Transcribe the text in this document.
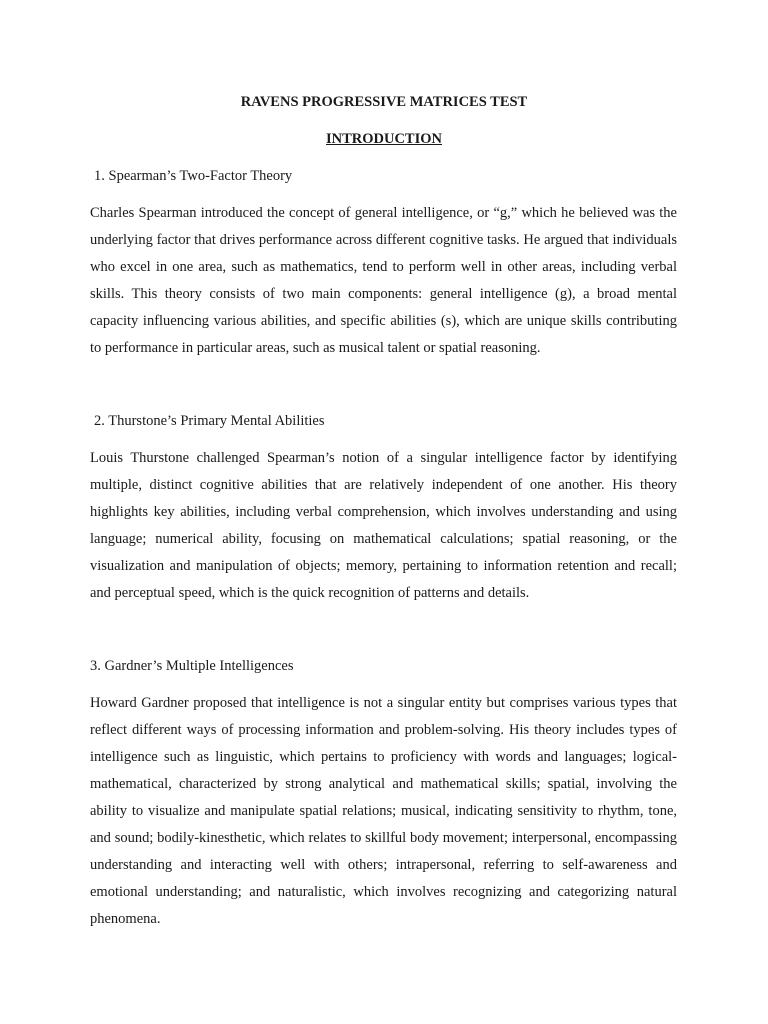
RAVENS PROGRESSIVE MATRICES TEST
INTRODUCTION
1. Spearman’s Two-Factor Theory

Charles Spearman introduced the concept of general intelligence, or “g,” which he believed was the underlying factor that drives performance across different cognitive tasks. He argued that individuals who excel in one area, such as mathematics, tend to perform well in other areas, including verbal skills. This theory consists of two main components: general intelligence (g), a broad mental capacity influencing various abilities, and specific abilities (s), which are unique skills contributing to performance in particular areas, such as musical talent or spatial reasoning.

2. Thurstone’s Primary Mental Abilities

Louis Thurstone challenged Spearman’s notion of a singular intelligence factor by identifying multiple, distinct cognitive abilities that are relatively independent of one another. His theory highlights key abilities, including verbal comprehension, which involves understanding and using language; numerical ability, focusing on mathematical calculations; spatial reasoning, or the visualization and manipulation of objects; memory, pertaining to information retention and recall; and perceptual speed, which is the quick recognition of patterns and details.

3. Gardner’s Multiple Intelligences

Howard Gardner proposed that intelligence is not a singular entity but comprises various types that reflect different ways of processing information and problem-solving. His theory includes types of intelligence such as linguistic, which pertains to proficiency with words and languages; logical-mathematical, characterized by strong analytical and mathematical skills; spatial, involving the ability to visualize and manipulate spatial relations; musical, indicating sensitivity to rhythm, tone, and sound; bodily-kinesthetic, which relates to skillful body movement; interpersonal, encompassing understanding and interacting well with others; intrapersonal, referring to self-awareness and emotional understanding; and naturalistic, which involves recognizing and categorizing natural phenomena.
